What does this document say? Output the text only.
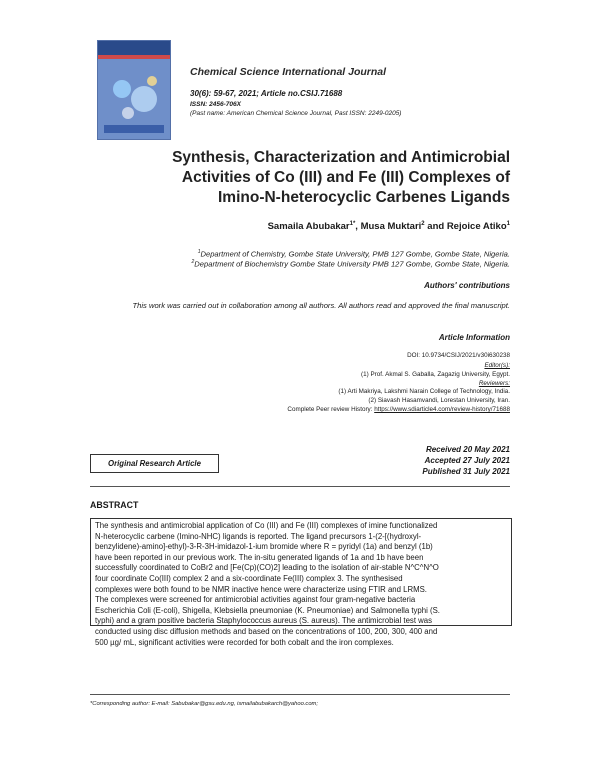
Chemical Science International Journal
30(6): 59-67, 2021; Article no.CSIJ.71688
ISSN: 2456-706X
(Past name: American Chemical Science Journal, Past ISSN: 2249-0205)
Synthesis, Characterization and Antimicrobial
Activities of Co (III) and Fe (III) Complexes of
Imino-N-heterocyclic Carbenes Ligands
Samaila Abubakar$^{1*}$, Musa Muktari$^2$ and Rejoice Atiko$^1$
$^1$Department of Chemistry, Gombe State University, PMB 127 Gombe, Gombe State, Nigeria.
$^2$Department of Biochemistry Gombe State University PMB 127 Gombe, Gombe State, Nigeria.
Authors' contributions
This work was carried out in collaboration among all authors. All authors read and approved the final manuscript.
Article Information
DOI: 10.9734/CSIJ/2021/v30i630238
Editor(s):
(1) Prof. Akmal S. Gaballa, Zagazig University, Egypt.
Reviewers:
(1) Arti Makriya, Lakshmi Narain College of Technology, India.
(2) Siavash Hasamvandi, Lorestan University, Iran.
Complete Peer review History: https://www.sdiarticle4.com/review-history/71688
Original Research Article
Received 20 May 2021
Accepted 27 July 2021
Published 31 July 2021
ABSTRACT
The synthesis and antimicrobial application of Co (III) and Fe (III) complexes of imine functionalized
N-heterocyclic carbene (Imino-NHC) ligands is reported. The ligand precursors 1-(2-[(hydroxyl-
benzylidene)-amino]-ethyl)-3-R-3H-imidazol-1-ium bromide where R = pyridyl (1a) and benzyl (1b)
have been reported in our previous work. The in-situ generated ligands of 1a and 1b have been
successfully coordinated to CoBr2 and [Fe(Cp)(CO)2] leading to the isolation of air-stable N^C^N^O
four coordinate Co(III) complex 2 and a six-coordinate Fe(III) complex 3. The synthesised
complexes were both found to be NMR inactive hence were characterize using FTIR and LRMS.
The complexes were screened for antimicrobial activities against four gram-negative bacteria
Escherichia Coli (E-coli), Shigella, Klebsiella pneumoniae (K. Pneumoniae) and Salmonella typhi (S.
typhi) and a gram positive bacteria Staphylococcus aureus (S. aureus). The antimicrobial test was
conducted using disc diffusion methods and based on the concentrations of 100, 200, 300, 400 and
500 µg/ mL, significant activities were recorded for both cobalt and the iron complexes.
*Corresponding author: E-mail: Sabubakar@gsu.edu.ng, ismailabubakarch@yahoo.com;
